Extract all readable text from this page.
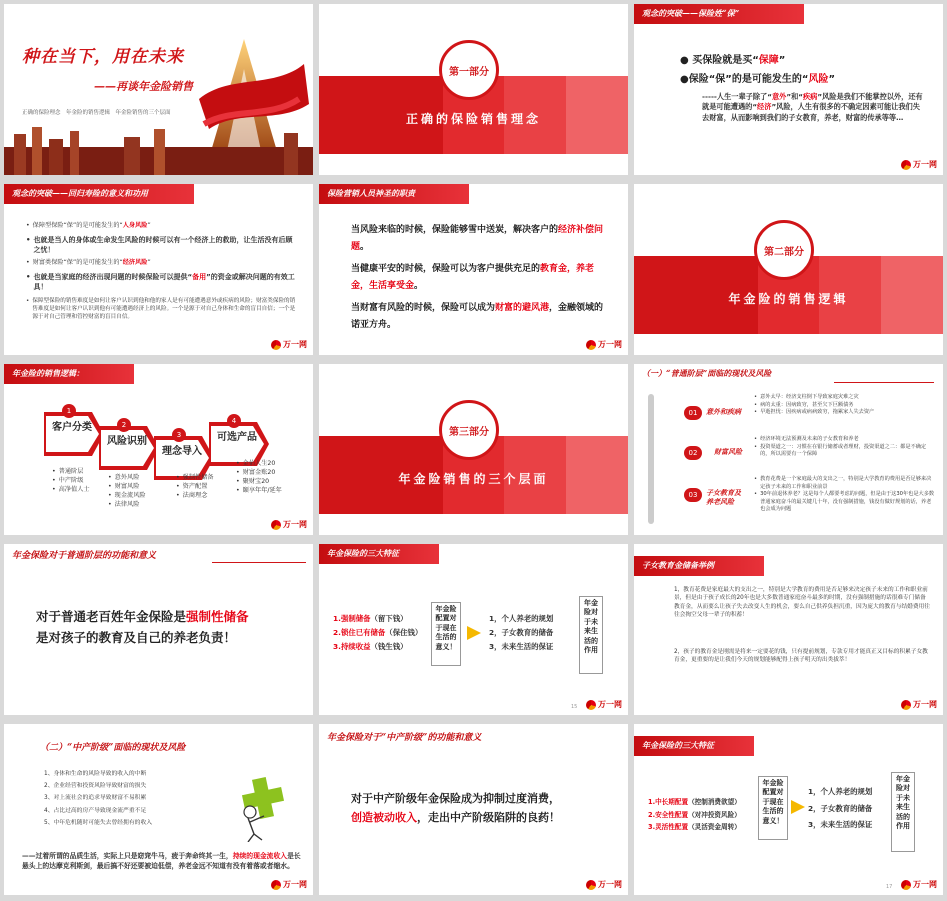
种在当下，用在未来
——再谈年金险销售
正确的保险理念　年金险的销售逻辑　年金险销售的三个层面
第一部分
正确的保险销售理念
观念的突破——保险姓“保”
● 买保险就是买“保障”
●保险“保”的是可能发生的“风险”
-----人生一辈子除了“意外”和“疾病”风险是我们不能掌控以外，还有就是可能遭遇的“经济”风险，人生有很多的不确定因素可能让我们失去财富，从而影响到我们的子女教育，养老，财富的传承等等…
万一网
观念的突破——回归寿险的意义和功用
• 保障型保险“保”的是可能发生的“人身风险”
• 也就是当人的身体或生命发生风险的时候可以有一个经济上的救助，让生活没有后顾之忧！
• 财富类保险“保”的是可能发生的“经济风险”
• 也就是当家庭的经济出现问题的时候保险可以提供“备用”的资金或解决问题的有效工具！
• 保障型保险的销售难度是如何让客户认识到他和他的家人是有可能遭遇意外或疾病的风险；财富类保险的销售难度是如何让客户认识到他有可能遭遇经济上的风险。一个是源于对自己身体和生命的盲目自信；一个是源于对自己管理和管控财富的盲目自信。
万一网
保险营销人员神圣的职责
当风险来临的时候，保险能够雪中送炭，解决客户的经济补偿问题。
当健康平安的时候，保险可以为客户提供充足的教育金，养老金，生活享受金。
当财富有风险的时候，保险可以成为财富的避风港，金融领域的诺亚方舟。
万一网
第二部分
年金险的销售逻辑
年金险的销售逻辑：
1
2
3
4
客户分类
风险识别
理念导入
可选产品
• 普通阶层
• 中产阶级
• 高净值人士
• 意外风险
• 财富风险
• 现金流风险
• 法律风险
• 强制性储备
• 资产配置
• 法商理念
• 金佑人生20
• 财富金账20
• 聚财宝20
• 颐享年年/延年
万一网
第三部分
年金险销售的三个层面
（一）“普通阶层”面临的现状及风险
01	意外和疾病
• 意外太早：经济支柱倒下导致家庭灾难之灾
• 病的太重：因病致穷，甚至欠下巨额债务
• 早逝担忧：因疾病或病病致穷，拖累家人失去资产
02	财富风险
• 经济环境无法预测及未来的子女教育和养老
• 投资渠道之一：习惯在在银行储蓄或者理财，投资渠道之二：都是不确定的，所以需要有一个保障
03	子女教育及养老风险
• 教育花费是一个家庭最大的支出之一，特别是大学教育的费用是否足够来决定孩子未来的工作和职业前景
• 30年前退休养老？这是每个人都要考虑的问题，但是由于这30年也是大多数普通家庭奋斗的最关键几十年，没有强制措施，钱没有做好规划的话，养老也会成为问题
年金保险对于普通阶层的功能和意义
对于普通老百姓年金保险是强制性储备
是对孩子的教育及自己的养老负责！
年金保险的三大特征
1.强制储备（留下钱）
2.锁住已有储备（保住钱）
3.持续收益（钱生钱）
年金险配置对于现在生活的意义！
1，个人养老的规划
2，子女教育的储备
3，未来生活的保证
年金险对于未来生活的作用
15	万一网
子女教育金储备举例
1，教育花费是家庭最大的支出之一，特别是大学教育的费用是否足够来决定孩子未来的工作和职业前景，但是由于孩子成长的20年也是大多数普通家庭奋斗最多的时期，没有强制措施的话很难专门储备教育金，从而要么让孩子失去改变人生的机会，要么自己供养负担沉重，因为庞大的教育与结婚费用往往会掏空父母一辈子的积蓄！
2，孩子的教育金是刚需是将来一定要花的钱，只有提前规划，专款专用才能真正又目标的积累子女教育金，更重要的是让我们今天的规划能够配得上孩子明天的出类拔萃！
万一网
（二）“中产阶级”面临的现状及风险
1、身体和生命的风险导致的收入的中断
2、企业经营和投资风险导致财富的损失
3、对上流社会的追求导致财富不易积累
4、占比过高的房产导致现金流严重不足
5、中年危机随时可能失去曾经拥有的收入
——过着所谓的品质生活，实际上只是窈窕牛马，疲于奔命终其一生，持续的现金流收入是长悬头上的达摩克利斯剑，最后搞不好还要被迫低偿，养老金远不知道有没有着落或者缩水。
万一网
年金保险对于“中产阶级”的功能和意义
对于中产阶级年金保险成为抑制过度消费，
创造被动收入，走出中产阶级陷阱的良药！
万一网
年金保险的三大特征
1.中长期配置（控制消费欲望）
2.安全性配置（对冲投资风险）
3.灵活性配置（灵活资金周转）
年金险配置对于现在生活的意义！
1，个人养老的规划
2，子女教育的储备
3，未来生活的保证
年金险对于未来生活的作用
17	万一网
